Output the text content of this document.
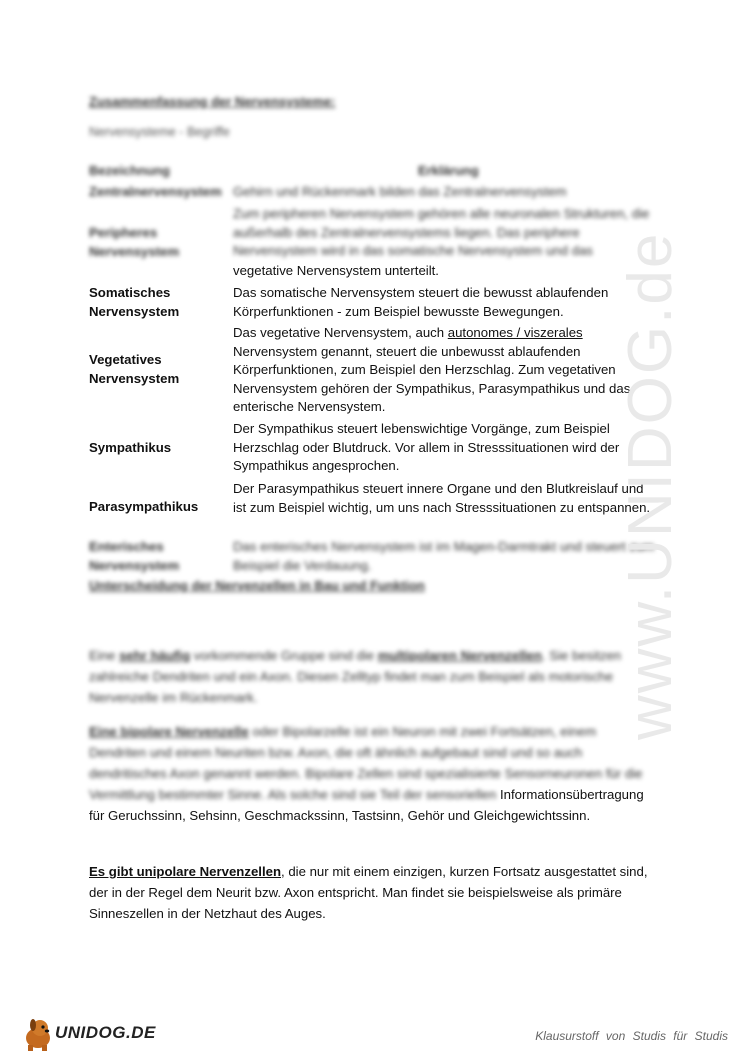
Zusammenfassung der Nervensysteme:
Nervensysteme - Begriffe
Bezeichnung	Erklärung
Zentralnervensystem Gehirn und Rückenmark bilden das Zentralnervensystem
Peripheres Nervensystem
Zum peripheren Nervensystem gehören alle neuronalen Strukturen, die außerhalb des Zentralnervensystems liegen. Das periphere Nervensystem wird in das somatische Nervensystem und das
vegetative Nervensystem unterteilt.
Somatisches Nervensystem
Das somatische Nervensystem steuert die bewusst ablaufenden Körperfunktionen - zum Beispiel bewusste Bewegungen.
Vegetatives Nervensystem
Das vegetative Nervensystem, auch autonomes / viszerales Nervensystem genannt, steuert die unbewusst ablaufenden Körperfunktionen, zum Beispiel den Herzschlag. Zum vegetativen Nervensystem gehören der Sympathikus, Parasympathikus und das enterische Nervensystem.
Sympathikus
Der Sympathikus steuert lebenswichtige Vorgänge, zum Beispiel Herzschlag oder Blutdruck. Vor allem in Stresssituationen wird der Sympathikus angesprochen.
Parasympathikus
Der Parasympathikus steuert innere Organe und den Blutkreislauf und ist zum Beispiel wichtig, um uns nach Stresssituationen zu entspannen.
Enterisches Nervensystem
Das enterisches Nervensystem ist im Magen-Darmtrakt und steuert zum Beispiel die Verdauung.
Unterscheidung der Nervenzellen in Bau und Funktion
Eine sehr häufig vorkommende Gruppe sind die multipolaren Nervenzellen. Sie besitzen zahlreiche Dendriten und ein Axon. Diesen Zelltyp findet man zum Beispiel als motorische Nervenzelle im Rückenmark.
Eine bipolare Nervenzelle oder Bipolarzelle ist ein Neuron mit zwei Fortsätzen, einem Dendriten und einem Neuriten bzw. Axon, die oft ähnlich aufgebaut sind und so auch dendritisches Axon genannt werden. Bipolare Zellen sind spezialisierte Sensorneuronen für die Vermittlung bestimmter Sinne. Als solche sind sie Teil der sensoriellen Informationsübertragung für Geruchssinn, Sehsinn, Geschmackssinn, Tastsinn, Gehör und Gleichgewichtssinn.
Es gibt unipolare Nervenzellen, die nur mit einem einzigen, kurzen Fortsatz ausgestattet sind, der in der Regel dem Neurit bzw. Axon entspricht. Man findet sie beispielsweise als primäre Sinneszellen in der Netzhaut des Auges.
www.UNIDOG.de
UNIDOG.DE	Klausurstoff von Studis für Studis
